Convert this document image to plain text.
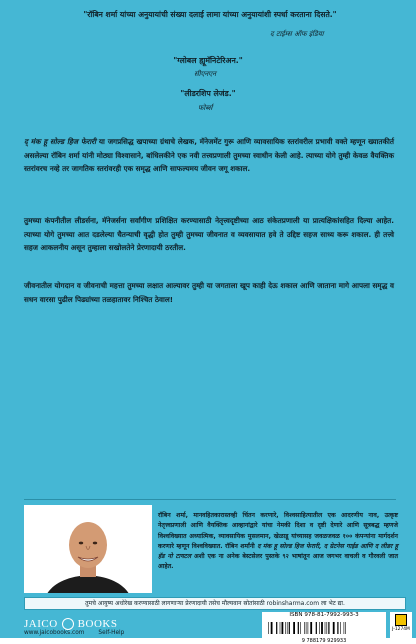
"रॉबिन शर्मा यांच्या अनुयायांची संख्या दलाई लामा यांच्या अनुयायांशी स्पर्धा करताना दिसते."

द टाईम्स ऑफ इंडिया
"ग्लोबल ह्यूमॅनिटेरिअन."
सीएनएन
"लीडरशिप लेजंड."
फोर्ब्स

द् मंक हू सोल्ड हिज फेरारी या जगप्रसिद्ध खपाच्या ग्रंथाचे लेखक, मॅनेजमेंट गुरू आणि व्यावसायिक स्तरांवरील प्रभावी वक्ते म्हणून ख्यातकीर्त असलेल्या रॉबिन शर्मा यांनी मोठ्या विश्वासाने, बांधिलकीने एक नवी तत्त्वप्रणाली तुमच्या स्वाधीन केली आहे. त्याच्या योगे तुम्ही केवळ वैयक्तिक स्तरांवरच नव्हे तर जागतिक स्तरांवरही एक समृद्ध आणि साफल्यमय जीवन जगू शकाल.

तुमच्या कंपनीतील लीडर्सना, मॅनेजर्सना सर्वांगीण प्रशिक्षित करण्यासाठी नेतृत्त्वदृष्टीच्या आठ संकेतप्रणाली या प्रात्यक्षिकांसहित दिल्या आहेत. त्याच्या योगे तुमच्या आत दडलेल्या चैतन्याची वृद्धी होत तुम्ही तुमच्या जीवनात व व्यवसायात हवे ते उद्दिष्ट सहज साध्य करू शकाल. ही तत्त्वे सहज आकलनीय असून तुम्हाला सखोलतेने प्रेरणादायी ठरतील.

जीवनातील योगदान व जीवनाची महत्ता तुमच्या लक्षात आल्यावर तुम्ही या जगताला खूप काही देऊ शकाल आणि जाताना मागे आपला समृद्ध व सधन वारसा पुढील पिढ्यांच्या तळहातावर निश्चित ठेवाल!

रॉबिन शर्मा, मानवहितकारास्तव्ही चिंतन करणारे, विश्वसाहित्यातील एक आदरणीय नाव, उत्कृष्ट नेतृत्त्वप्रणाली आणि वैयक्तिक आव्हानांद्वारे यांचा नेमकी दिशा व दृष्टी देणारे आणि सूत्रबद्ध म्हणजे विश्वविख्यात अध्यात्मिक, व्यावसायिक मुसलमान, खेळाडू यांच्यासह जवळजवळ १०० कंपन्यांना मार्गदर्शन करणारे म्हणून विश्वविख्यात. रॉबिन शर्मांनी द मंक हू सोल्ड हिज फेरारी, द ग्रेटनेस गाईड आणि द लीडर हू हॅड नो टायटल अशी एक ना अनेक बेस्टसेलर पुस्तके ९२ भाषांतून आज जगभर वाचली व गौरवली जात आहेत.

तुमचे आयुष्य अधोरेख करण्यासाठी लागणाऱ्या प्रेरणादायी तसेच मौल्यवान स्रोतांसाठी robinsharma.com ला भेट द्या.
JAICO BOOKS
www.jaicobooks.com Self-Help
ISBN 978-81-7992-993-3
9 788179 929933
J-1274M
